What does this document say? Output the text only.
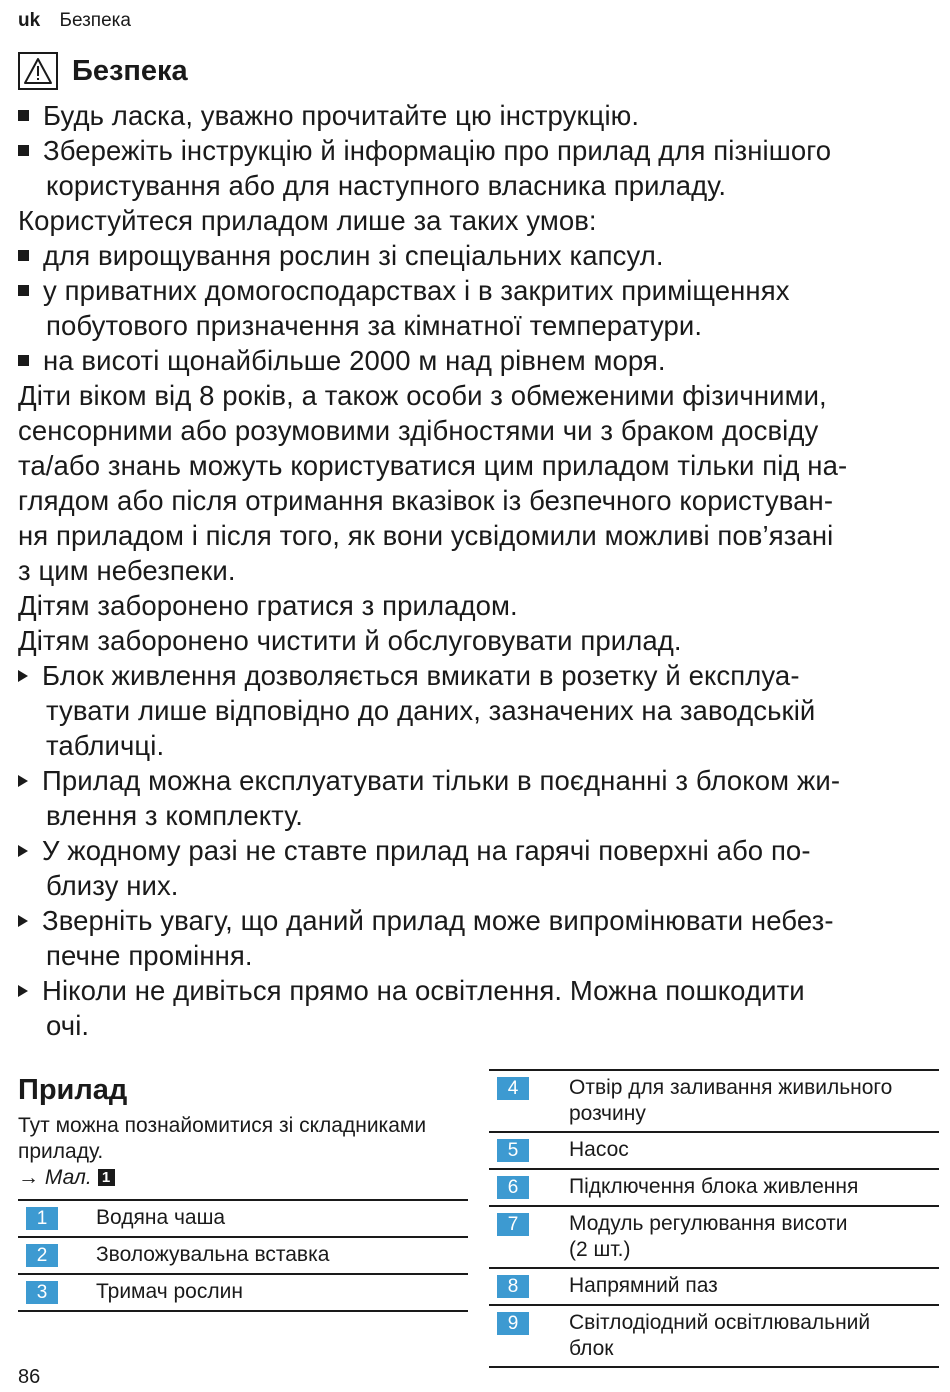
uk Безпека
Безпека
Будь ласка, уважно прочитайте цю інструкцію.
Збережіть інструкцію й інформацію про прилад для пізнішого
користування або для наступного власника приладу.
Користуйтеся приладом лише за таких умов:
для вирощування рослин зі спеціальних капсул.
у приватних домогосподарствах і в закритих приміщеннях
побутового призначення за кімнатної температури.
на висоті щонайбільше 2000 м над рівнем моря.
Діти віком від 8 років, а також особи з обмеженими фізичними,
сенсорними або розумовими здібностями чи з браком досвіду
та/або знань можуть користуватися цим приладом тільки під на-
глядом або після отримання вказівок із безпечного користуван-
ня приладом і після того, як вони усвідомили можливі пов’язані
з цим небезпеки.
Дітям заборонено гратися з приладом.
Дітям заборонено чистити й обслуговувати прилад.
Блок живлення дозволяється вмикати в розетку й експлуа-
тувати лише відповідно до даних, зазначених на заводській
табличці.
Прилад можна експлуатувати тільки в поєднанні з блоком жи-
влення з комплекту.
У жодному разі не ставте прилад на гарячі поверхні або по-
близу них.
Зверніть увагу, що даний прилад може випромінювати небез-
печне проміння.
Ніколи не дивіться прямо на освітлення. Можна пошкодити
очі.
Прилад
Тут можна познайомитися зі складниками
приладу.
→ Мал. 1
1	Водяна чаша
2	Зволожувальна вставка
3	Тримач рослин
4	Отвір для заливання живильного
розчину
5	Насос
6	Підключення блока живлення
7	Модуль регулювання висоти
(2 шт.)
8	Напрямний паз
9	Світлодіодний освітлювальний
блок
86
